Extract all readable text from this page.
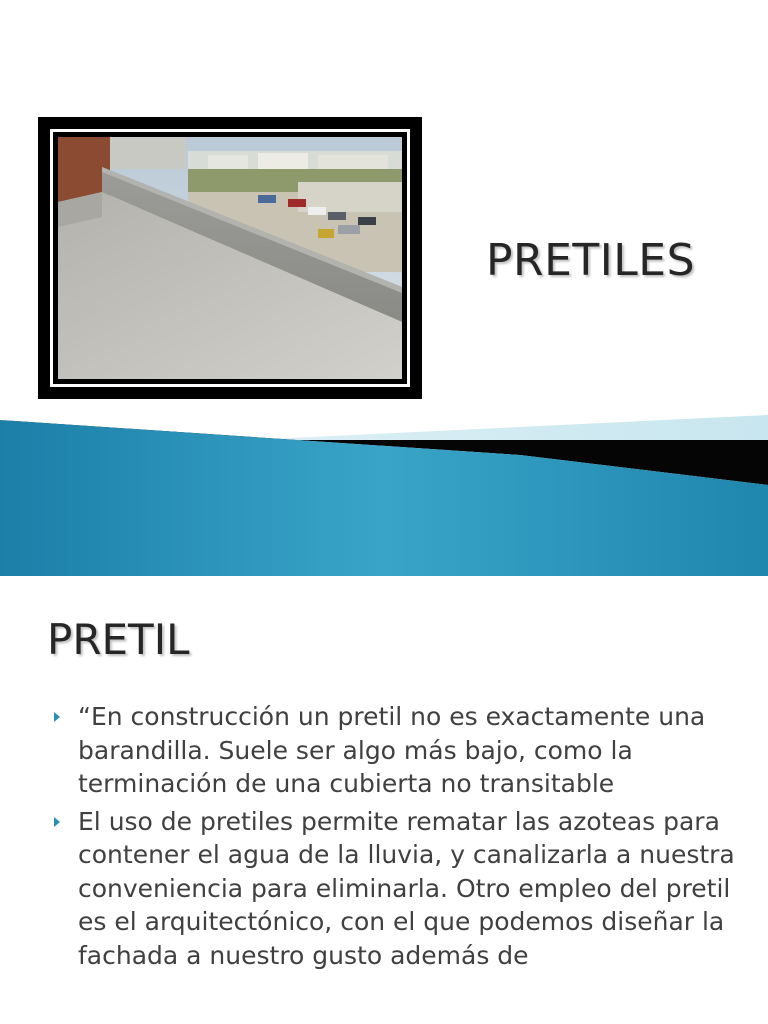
PRETILES
PRETIL
“En construcción un pretil no es exactamente una barandilla. Suele ser algo más bajo, como la terminación de una cubierta no transitable
El uso de pretiles permite rematar las azoteas para contener el agua de la lluvia, y canalizarla a nuestra conveniencia para eliminarla. Otro empleo del pretil es el arquitectónico, con el que podemos diseñar la fachada a nuestro gusto además de
